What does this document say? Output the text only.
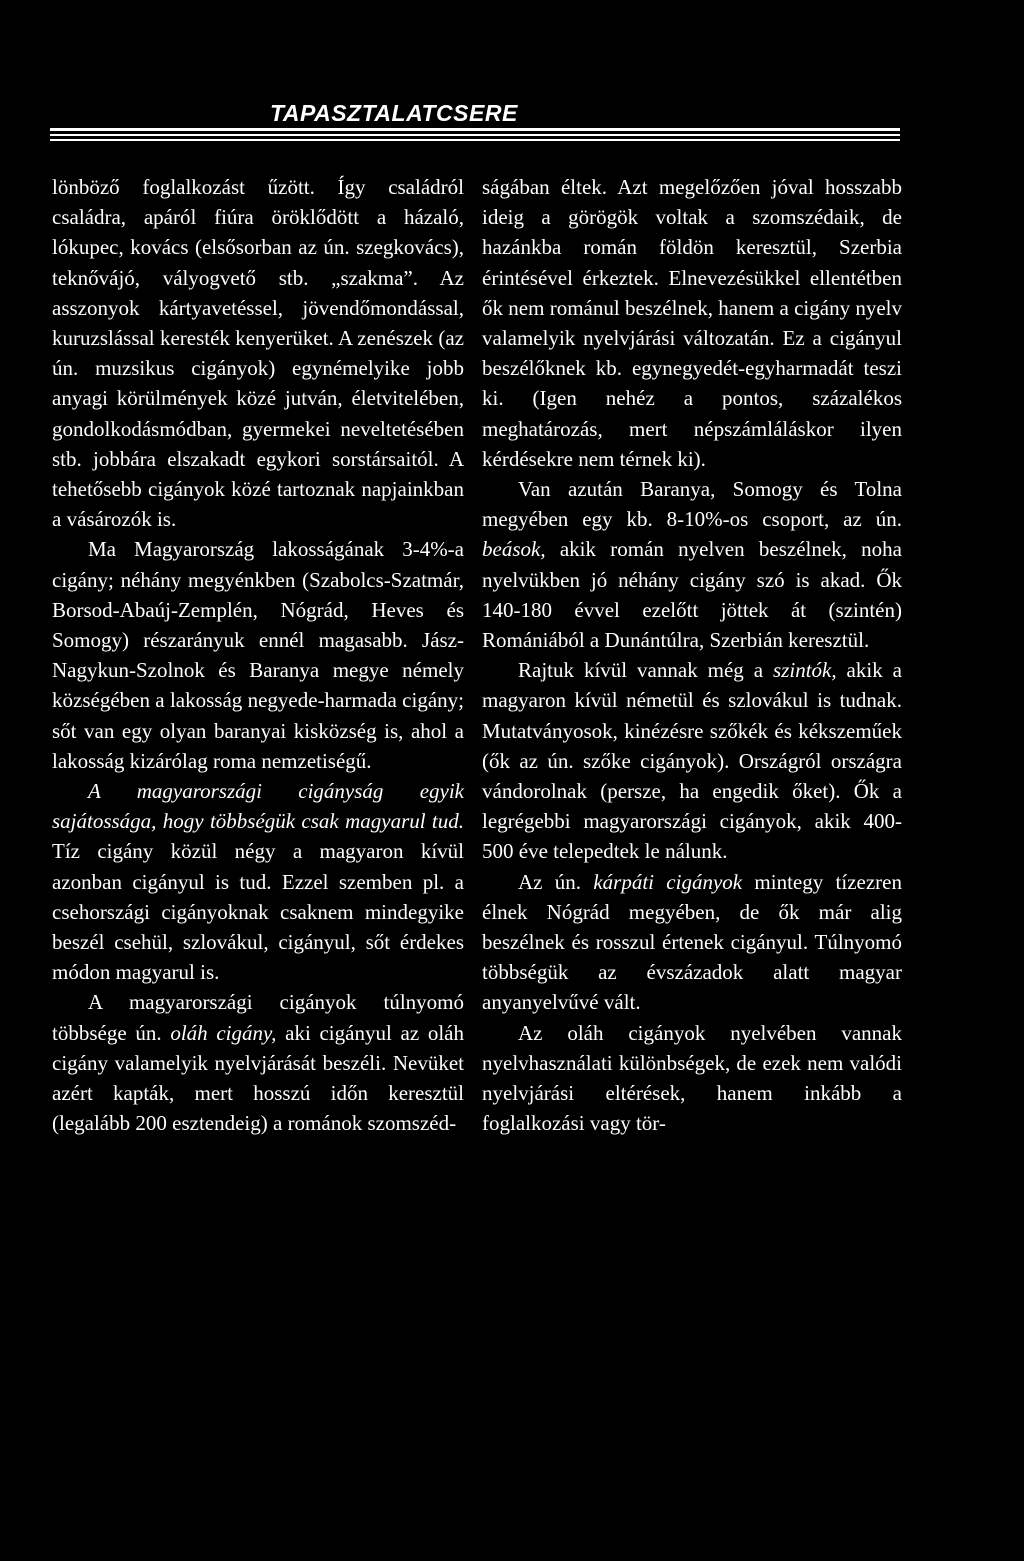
TAPASZTALATCSERE

lönböző foglalkozást űzött. Így családról családra, apáról fiúra öröklődött a házaló, lókupec, kovács (elsősorban az ún. szegkovács), teknővájó, vályogvető stb. „szakma”. Az asszonyok kártyavetéssel, jövendőmondással, kuruzslással keresték kenyerüket. A zenészek (az ún. muzsikus cigányok) egynémelyike jobb anyagi körülmények közé jutván, életvitelében, gondolkodásmódban, gyermekei neveltetésében stb. jobbára elszakadt egykori sorstársaitól. A tehetősebb cigányok közé tartoznak napjainkban a vásározók is.

Ma Magyarország lakosságának 3-4%-a cigány; néhány megyénkben (Szabolcs-Szatmár, Borsod-Abaúj-Zemplén, Nógrád, Heves és Somogy) részarányuk ennél magasabb. Jász-Nagykun-Szolnok és Baranya megye némely községében a lakosság negyede-harmada cigány; sőt van egy olyan baranyai kisközség is, ahol a lakosság kizárólag roma nemzetiségű.

A magyarországi cigányság egyik sajátossága, hogy többségük csak magyarul tud. Tíz cigány közül négy a magyaron kívül azonban cigányul is tud. Ezzel szemben pl. a csehországi cigányoknak csaknem mindegyike beszél csehül, szlovákul, cigányul, sőt érdekes módon magyarul is.

A magyarországi cigányok túlnyomó többsége ún. oláh cigány, aki cigányul az oláh cigány valamelyik nyelvjárását beszéli. Nevüket azért kapták, mert hosszú időn keresztül (legalább 200 esztendeig) a románok szomszéd-

ságában éltek. Azt megelőzően jóval hosszabb ideig a görögök voltak a szomszédaik, de hazánkba román földön keresztül, Szerbia érintésével érkeztek. Elnevezésükkel ellentétben ők nem románul beszélnek, hanem a cigány nyelv valamelyik nyelvjárási változatán. Ez a cigányul beszélőknek kb. egynegyedét-egyharmadát teszi ki. (Igen nehéz a pontos, százalékos meghatározás, mert népszámláláskor ilyen kérdésekre nem térnek ki).

Van azután Baranya, Somogy és Tolna megyében egy kb. 8-10%-os csoport, az ún. beások, akik román nyelven beszélnek, noha nyelvükben jó néhány cigány szó is akad. Ők 140-180 évvel ezelőtt jöttek át (szintén) Romániából a Dunántúlra, Szerbián keresztül.

Rajtuk kívül vannak még a szintók, akik a magyaron kívül németül és szlovákul is tudnak. Mutatványosok, kinézésre szőkék és kékszeműek (ők az ún. szőke cigányok). Országról országra vándorolnak (persze, ha engedik őket). Ők a legrégebbi magyarországi cigányok, akik 400-500 éve telepedtek le nálunk.

Az ún. kárpáti cigányok mintegy tízezren élnek Nógrád megyében, de ők már alig beszélnek és rosszul értenek cigányul. Túlnyomó többségük az évszázadok alatt magyar anyanyelvűvé vált.

Az oláh cigányok nyelvében vannak nyelvhasználati különbségek, de ezek nem valódi nyelvjárási eltérések, hanem inkább a foglalkozási vagy tör-
